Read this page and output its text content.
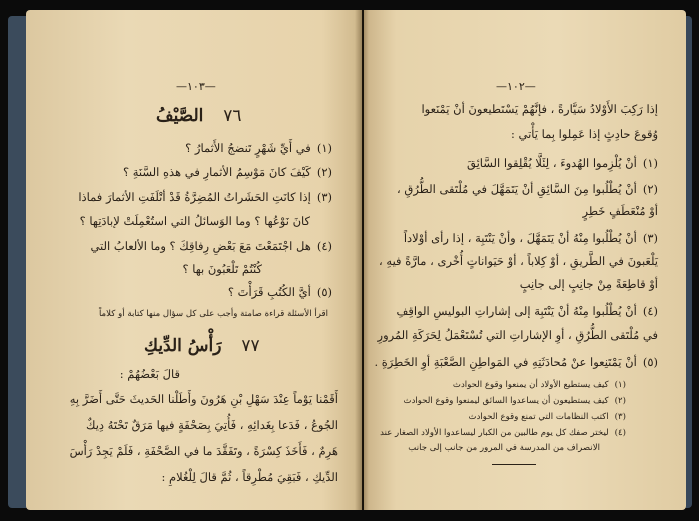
—١٠٣—
٧٦ الصَّيْفُ
(١)في أَيِّ شَهْرٍ تَنضجُ الأَثمارُ ؟
(٢)كَيْفَ كانَ مَوْسِمُ الأثمارِ في هذهِ السَّنَةِ ؟
(٣)إذا كانَتِ الحَشَراتُ المُضِرَّةُ قَدْ أتْلَفَتِ الأثمارَ فماذا
كانَ نَوْعُها ؟ وما الوَسائلُ التي استُعْمِلَتْ لإبادَتِها ؟
(٤)هل اجْتَمَعْتَ مَعَ بَعْضِ رِفاقِكَ ؟ وما الألعابُ التي
كُنْتُمْ تَلْعَبُونَ بها ؟
(٥)أيَّ الكُتُبِ قَرَأْتَ ؟
اقرأ الأسئلة قراءة صامتة وأجب على كل سؤال منها كتابة أو كلاماً
٧٧ رَأْسُ الدِّيكِ
قالَ بَعْضُهُمْ :
أَقَمْنا يَوْماً عِنْدَ سَهْلِ بْنِ هَرُونَ وأَطَلْنا الحَديثَ حَتَّى أَضَرَّ بِهِ
الجُوعُ ، فَدَعا بِغَدائِهِ ، فَأُتِيَ بِصَحْفَةٍ فيها مَرَقٌ تَحْتَهُ دِيكٌ
هَرِمٌ ، فَأَخَذَ كِسْرَةً ، وتَفَقَّدَ ما في الصَّحْفَةِ ، فَلَمْ يَجِدْ رَأْسَ
الدِّيكِ ، فَبَقِيَ مُطْرِقاً ، ثُمَّ قالَ لِلْغُلامِ :
—١٠٢—
إذا رَكِبَ الأَوْلادُ سَيَّارةً ، فإنَّهُمْ يَسْتَطيعونَ أنْ يَمْنَعوا
وُقوعَ حادِثٍ إذا عَمِلوا بِما يَأْتي :
(١)أنْ يُلْزِموا الهُدوءَ ، لِئَلَّا يُقْلِقوا السَّائِقَ
(٢)أنْ يُطْلُبوا مِنَ السَّائِقِ أنْ يَتَمَهَّلَ في مُلْتَقى الطُّرُقِ ،
أوْ مُنْعَطَفٍ خَطِرٍ
(٣)أنْ يُطْلُبوا مِنْهُ أنْ يَتَمَهَّلَ ، وأنْ يَنْتَبِهَ ، إذا رأى أوْلاداً
يَلْعَبونَ في الطَّريقِ ، أوْ كِلاباً ، أوْ حَيَواناتٍ أُخْرى ، مارَّةً فيهِ ،
أوْ قاطِعَةً مِنْ جانِبٍ إلى جانِبٍ
(٤)أنْ يُطْلُبوا مِنْهُ أنْ يَنْتَبِهَ إلى إشاراتِ البوليسِ الواقِفِ
في مُلْتَقى الطُّرُقِ ، أوِ الإشاراتِ التي تُسْتَعْمَلُ لِحَرَكَةِ المُرورِ
(٥)أنْ يَمْتَنِعوا عنْ مُحادَثَتِهِ في المَواطِنِ الصَّعْبَةِ أوِ الخَطِرَةِ .
(١)كيف يستطيع الأولاد أن يمنعوا وقوع الحوادث
(٢)كيف يستطيعون أن يساعدوا السائق ليمنعوا وقوع الحوادث
(٣)اكتب النظامات التي تمنع وقوع الحوادث
(٤)ليختر صفك كل يوم طالبين من الكبار ليساعدوا الأولاد الصغار عند
الانصراف من المدرسة في المرور من جانب إلى جانب
